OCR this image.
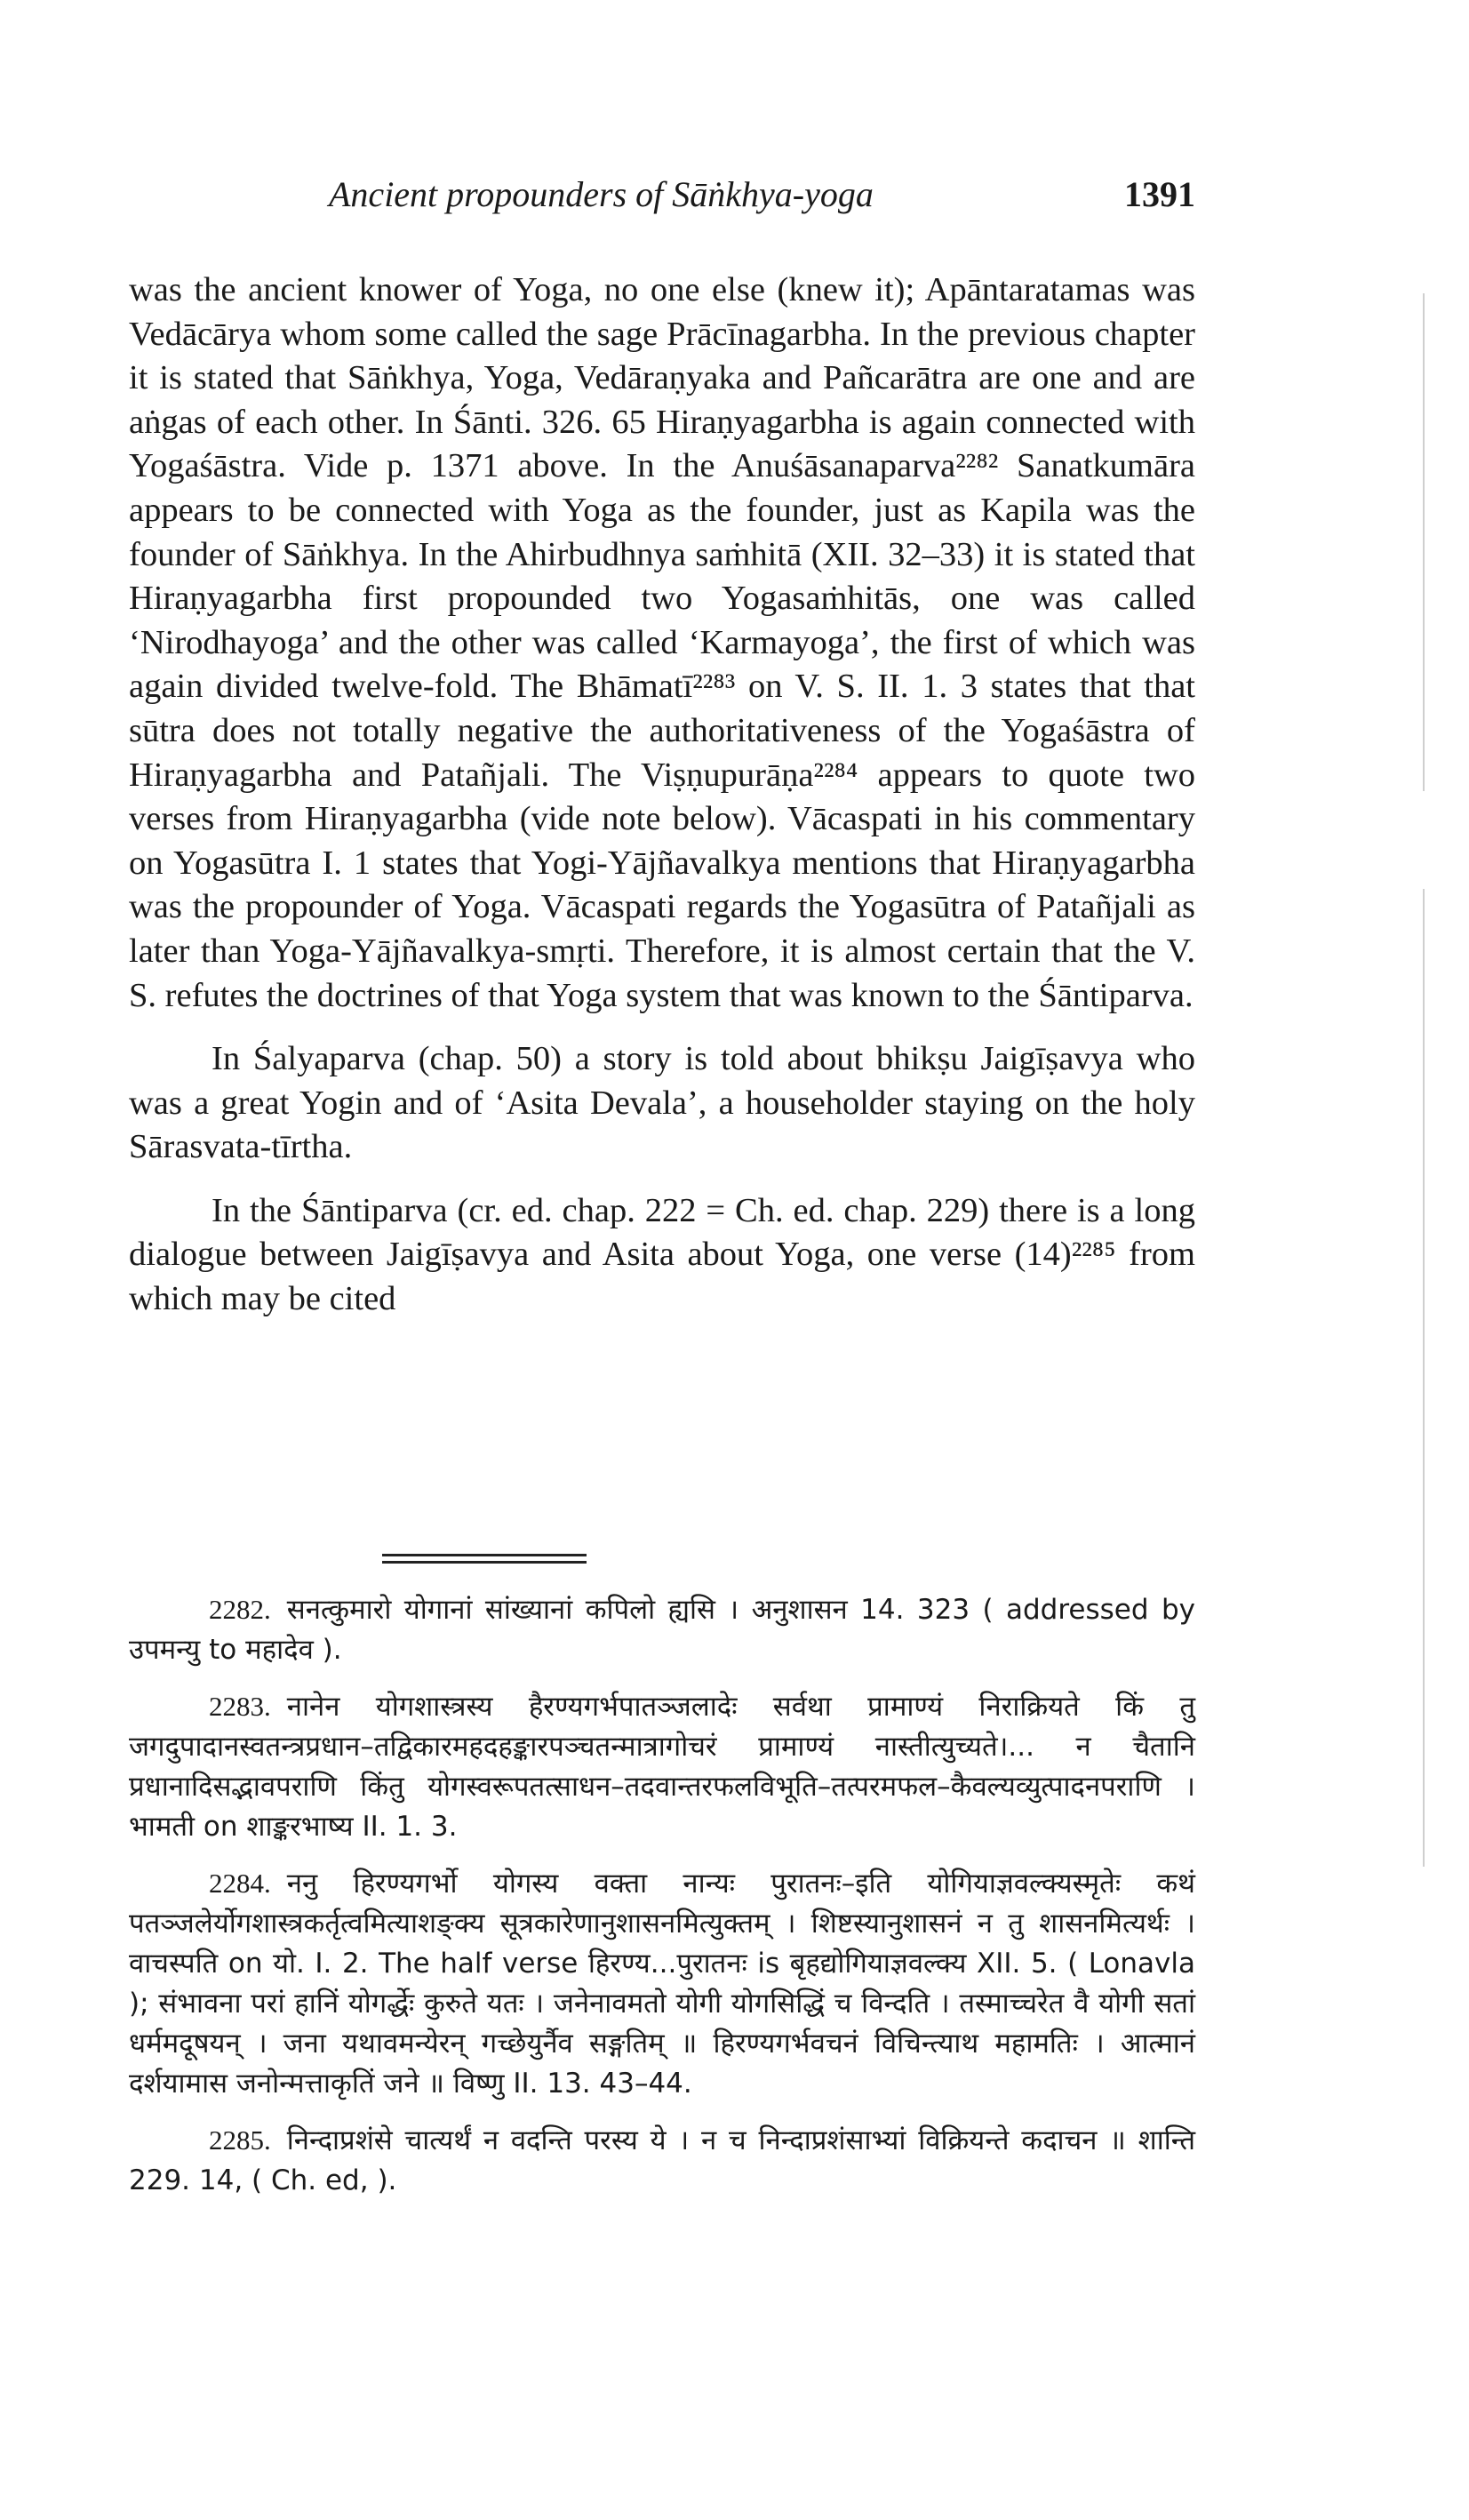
Ancient propounders of Sāṅkhya-yoga	1391

was the ancient knower of Yoga, no one else (knew it); Apāntaratamas was Vedācārya whom some called the sage Prācīnagarbha. In the previous chapter it is stated that Sāṅkhya, Yoga, Vedāraṇyaka and Pañcarātra are one and are aṅgas of each other. In Śānti. 326. 65 Hiraṇyagarbha is again connected with Yogaśāstra. Vide p. 1371 above. In the Anuśāsanaparva²²⁸² Sanatkumāra appears to be connected with Yoga as the founder, just as Kapila was the founder of Sāṅkhya. In the Ahirbudhnya saṁhitā (XII. 32–33) it is stated that Hiraṇyagarbha first propounded two Yogasaṁhitās, one was called ‘Nirodhayoga’ and the other was called ‘Karmayoga’, the first of which was again divided twelve-fold. The Bhāmatī²²⁸³ on V. S. II. 1. 3 states that that sūtra does not totally negative the authoritativeness of the Yogaśāstra of Hiraṇyagarbha and Patañjali. The Viṣṇupurāṇa²²⁸⁴ appears to quote two verses from Hiraṇyagarbha (vide note below). Vācaspati in his commentary on Yogasūtra I. 1 states that Yogi-Yājñavalkya mentions that Hiraṇyagarbha was the propounder of Yoga. Vācaspati regards the Yogasūtra of Patañjali as later than Yoga-Yājñavalkya-smṛti. Therefore, it is almost certain that the V. S. refutes the doctrines of that Yoga system that was known to the Śāntiparva.

In Śalyaparva (chap. 50) a story is told about bhikṣu Jaigīṣavya who was a great Yogin and of ‘Asita Devala’, a householder staying on the holy Sārasvata-tīrtha.

In the Śāntiparva (cr. ed. chap. 222 = Ch. ed. chap. 229) there is a long dialogue between Jaigīṣavya and Asita about Yoga, one verse (14)²²⁸⁵ from which may be cited

2282. सनत्कुमारो योगानां सांख्यानां कपिलो ह्यसि । अनुशासन 14. 323 ( addressed by उपमन्यु to महादेव ).

2283. नानेन योगशास्त्रस्य हैरण्यगर्भपातञ्जलादेः सर्वथा प्रामाण्यं निराक्रियते किं तु जगदुपादानस्वतन्त्रप्रधान–तद्विकारमहदहङ्कारपञ्चतन्मात्रागोचरं प्रामाण्यं नास्तीत्युच्यते।... न चैतानि प्रधानादिसद्भावपराणि किंतु योगस्वरूपतत्साधन–तदवान्तरफलविभूति–तत्परमफल–कैवल्यव्युत्पादनपराणि । भामती on शाङ्करभाष्य II. 1. 3.

2284. ननु हिरण्यगर्भो योगस्य वक्ता नान्यः पुरातनः–इति योगियाज्ञवल्क्यस्मृतेः कथं पतञ्जलेर्योगशास्त्रकर्तृत्वमित्याशङ्क्य सूत्रकारेणानुशासनमित्युक्तम् । शिष्टस्यानुशासनं न तु शासनमित्यर्थः । वाचस्पति on यो. I. 2. The half verse हिरण्य...पुरातनः is बृहद्योगियाज्ञवल्क्य XII. 5. ( Lonavla ); संभावना परां हानिं योगर्द्धेः कुरुते यतः । जनेनावमतो योगी योगसिद्धिं च विन्दति । तस्माच्चरेत वै योगी सतां धर्ममदूषयन् । जना यथावमन्येरन् गच्छेयुर्नैव सङ्गतिम् ॥ हिरण्यगर्भवचनं विचिन्त्याथ महामतिः । आत्मानं दर्शयामास जनोन्मत्ताकृतिं जने ॥ विष्णु II. 13. 43–44.

2285. निन्दाप्रशंसे चात्यर्थं न वदन्ति परस्य ये । न च निन्दाप्रशंसाभ्यां विक्रियन्ते कदाचन ॥ शान्ति 229. 14, ( Ch. ed, ).
